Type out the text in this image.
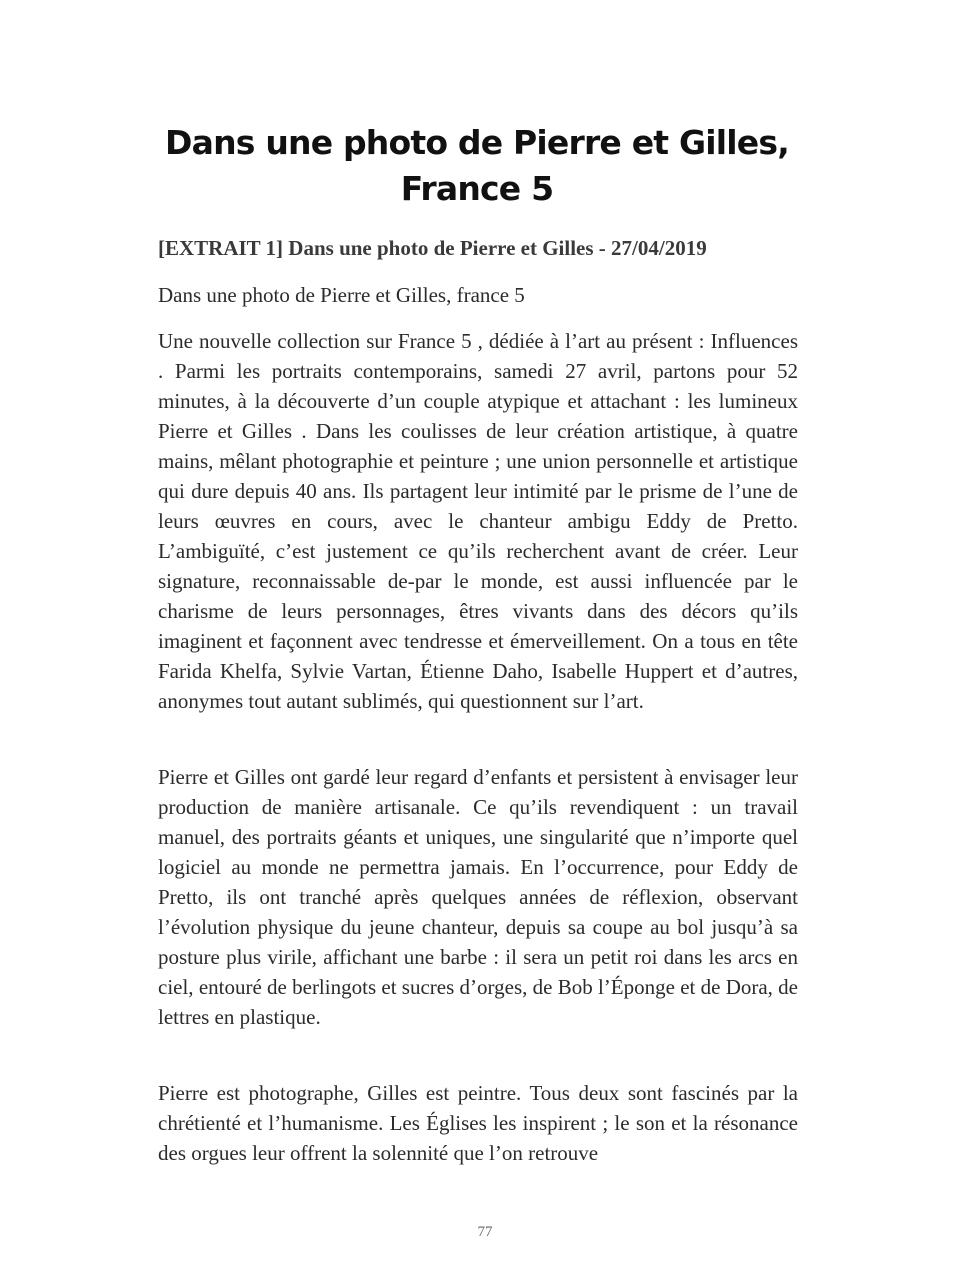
Dans une photo de Pierre et Gilles, France 5
[EXTRAIT 1] Dans une photo de Pierre et Gilles - 27/04/2019

Dans une photo de Pierre et Gilles, france 5

Une nouvelle collection sur France 5 , dédiée à l’art au présent : Influences . Parmi les portraits contemporains, samedi 27 avril, partons pour 52 minutes, à la découverte d’un couple atypique et attachant : les lumineux Pierre et Gilles . Dans les coulisses de leur création artistique, à quatre mains, mêlant photographie et peinture ; une union personnelle et artistique qui dure depuis 40 ans. Ils partagent leur intimité par le prisme de l’une de leurs œuvres en cours, avec le chanteur ambigu Eddy de Pretto. L’ambiguïté, c’est justement ce qu’ils recherchent avant de créer. Leur signature, reconnaissable de-par le monde, est aussi influencée par le charisme de leurs personnages, êtres vivants dans des décors qu’ils imaginent et façonnent avec tendresse et émerveillement. On a tous en tête Farida Khelfa, Sylvie Vartan, Étienne Daho, Isabelle Huppert et d’autres, anonymes tout autant sublimés, qui questionnent sur l’art.

Pierre et Gilles ont gardé leur regard d’enfants et persistent à envisager leur production de manière artisanale. Ce qu’ils revendiquent : un travail manuel, des portraits géants et uniques, une singularité que n’importe quel logiciel au monde ne permettra jamais. En l’occurrence, pour Eddy de Pretto, ils ont tranché après quelques années de réflexion, observant l’évolution physique du jeune chanteur, depuis sa coupe au bol jusqu’à sa posture plus virile, affichant une barbe : il sera un petit roi dans les arcs en ciel, entouré de berlingots et sucres d’orges, de Bob l’Éponge et de Dora, de lettres en plastique.

Pierre est photographe, Gilles est peintre. Tous deux sont fascinés par la chrétienté et l’humanisme. Les Églises les inspirent ; le son et la résonance des orgues leur offrent la solennité que l’on retrouve

77
